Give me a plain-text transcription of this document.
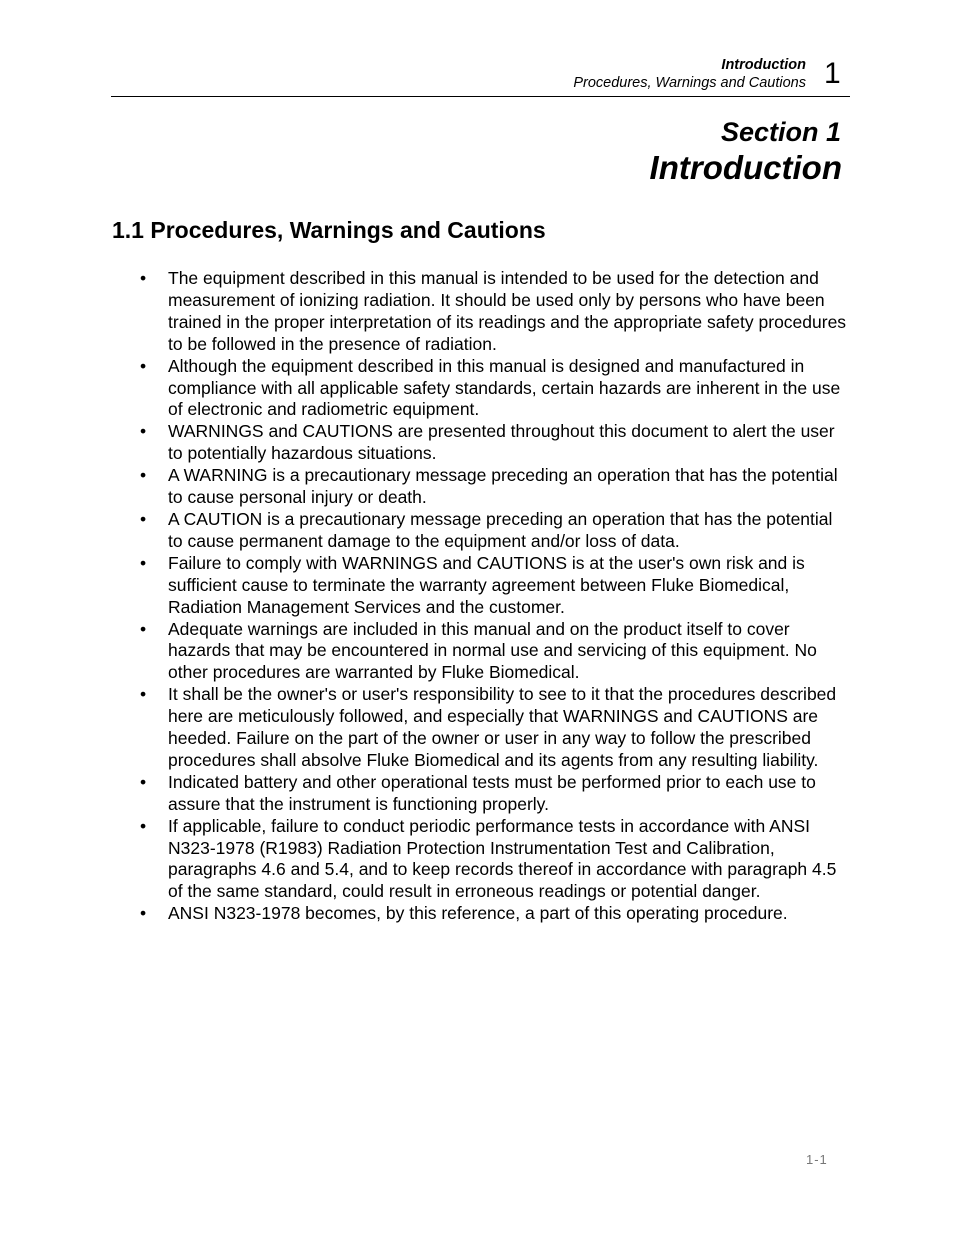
Introduction
Procedures, Warnings and Cautions 1
Section 1
Introduction
1.1 Procedures, Warnings and Cautions
• The equipment described in this manual is intended to be used for the detection and measurement of ionizing radiation. It should be used only by persons who have been trained in the proper interpretation of its readings and the appropriate safety procedures to be followed in the presence of radiation.
• Although the equipment described in this manual is designed and manufactured in compliance with all applicable safety standards, certain hazards are inherent in the use of electronic and radiometric equipment.
• WARNINGS and CAUTIONS are presented throughout this document to alert the user to potentially hazardous situations.
• A WARNING is a precautionary message preceding an operation that has the potential to cause personal injury or death.
• A CAUTION is a precautionary message preceding an operation that has the potential to cause permanent damage to the equipment and/or loss of data.
• Failure to comply with WARNINGS and CAUTIONS is at the user's own risk and is sufficient cause to terminate the warranty agreement between Fluke Biomedical, Radiation Management Services and the customer.
• Adequate warnings are included in this manual and on the product itself to cover hazards that may be encountered in normal use and servicing of this equipment. No other procedures are warranted by Fluke Biomedical.
• It shall be the owner's or user's responsibility to see to it that the procedures described here are meticulously followed, and especially that WARNINGS and CAUTIONS are heeded. Failure on the part of the owner or user in any way to follow the prescribed procedures shall absolve Fluke Biomedical and its agents from any resulting liability.
• Indicated battery and other operational tests must be performed prior to each use to assure that the instrument is functioning properly.
• If applicable, failure to conduct periodic performance tests in accordance with ANSI N323-1978 (R1983) Radiation Protection Instrumentation Test and Calibration, paragraphs 4.6 and 5.4, and to keep records thereof in accordance with paragraph 4.5 of the same standard, could result in erroneous readings or potential danger.
• ANSI N323-1978 becomes, by this reference, a part of this operating procedure.
1-1
